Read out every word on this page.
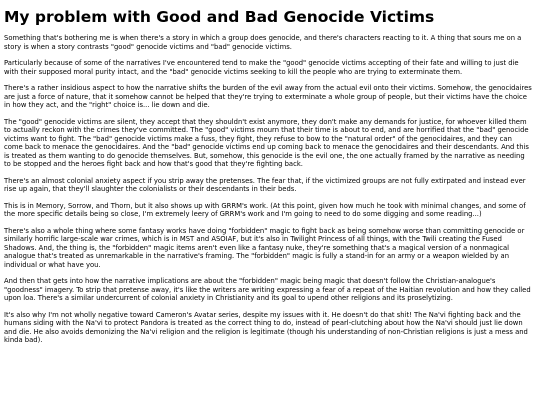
My problem with Good and Bad Genocide Victims

Something that's bothering me is when there's a story in which a group does genocide, and there's characters reacting to it. A thing that sours me on a story is when a story contrasts "good" genocide victims and "bad" genocide victims.

Particularly because of some of the narratives I've encountered tend to make the "good" genocide victims accepting of their fate and willing to just die with their supposed moral purity intact, and the "bad" genocide victims seeking to kill the people who are trying to exterminate them.

There's a rather insidious aspect to how the narrative shifts the burden of the evil away from the actual evil onto their victims. Somehow, the genocidaires are just a force of nature, that it somehow cannot be helped that they're trying to exterminate a whole group of people, but their victims have the choice in how they act, and the "right" choice is... lie down and die.

The "good" genocide victims are silent, they accept that they shouldn't exist anymore, they don't make any demands for justice, for whoever killed them to actually reckon with the crimes they've committed. The "good" victims mourn that their time is about to end, and are horrified that the "bad" genocide victims want to fight. The "bad" genocide victims make a fuss, they fight, they refuse to bow to the "natural order" of the genocidaires, and they can come back to menace the genocidaires. And the "bad" genocide victims end up coming back to menace the genocidaires and their descendants. And this is treated as them wanting to do genocide themselves. But, somehow, this genocide is the evil one, the one actually framed by the narrative as needing to be stopped and the heroes fight back and how that's good that they're fighting back.

There's an almost colonial anxiety aspect if you strip away the pretenses. The fear that, if the victimized groups are not fully extirpated and instead ever rise up again, that they'll slaughter the colonialists or their descendants in their beds.

This is in Memory, Sorrow, and Thorn, but it also shows up with GRRM's work. (At this point, given how much he took with minimal changes, and some of the more specific details being so close, I'm extremely leery of GRRM's work and I'm going to need to do some digging and some reading...)

There's also a whole thing where some fantasy works have doing "forbidden" magic to fight back as being somehow worse than committing genocide or similarly horrific large-scale war crimes, which is in MST and ASOIAF, but it's also in Twilight Princess of all things, with the Twili creating the Fused Shadows. And, the thing is, the "forbidden" magic items aren't even like a fantasy nuke, they're something that's a magical version of a nonmagical analogue that's treated as unremarkable in the narrative's framing. The "forbidden" magic is fully a stand-in for an army or a weapon wielded by an individual or what have you.

And then that gets into how the narrative implications are about the "forbidden" magic being magic that doesn't follow the Christian-analogue's "goodness" imagery. To strip that pretense away, it's like the writers are writing expressing a fear of a repeat of the Haitian revolution and how they called upon loa. There's a similar undercurrent of colonial anxiety in Christianity and its goal to upend other religions and its proselytizing.

It's also why I'm not wholly negative toward Cameron's Avatar series, despite my issues with it. He doesn't do that shit! The Na'vi fighting back and the humans siding with the Na'vi to protect Pandora is treated as the correct thing to do, instead of pearl-clutching about how the Na'vi should just lie down and die. He also avoids demonizing the Na'vi religion and the religion is legitimate (though his understanding of non-Christian religions is just a mess and kinda bad).
